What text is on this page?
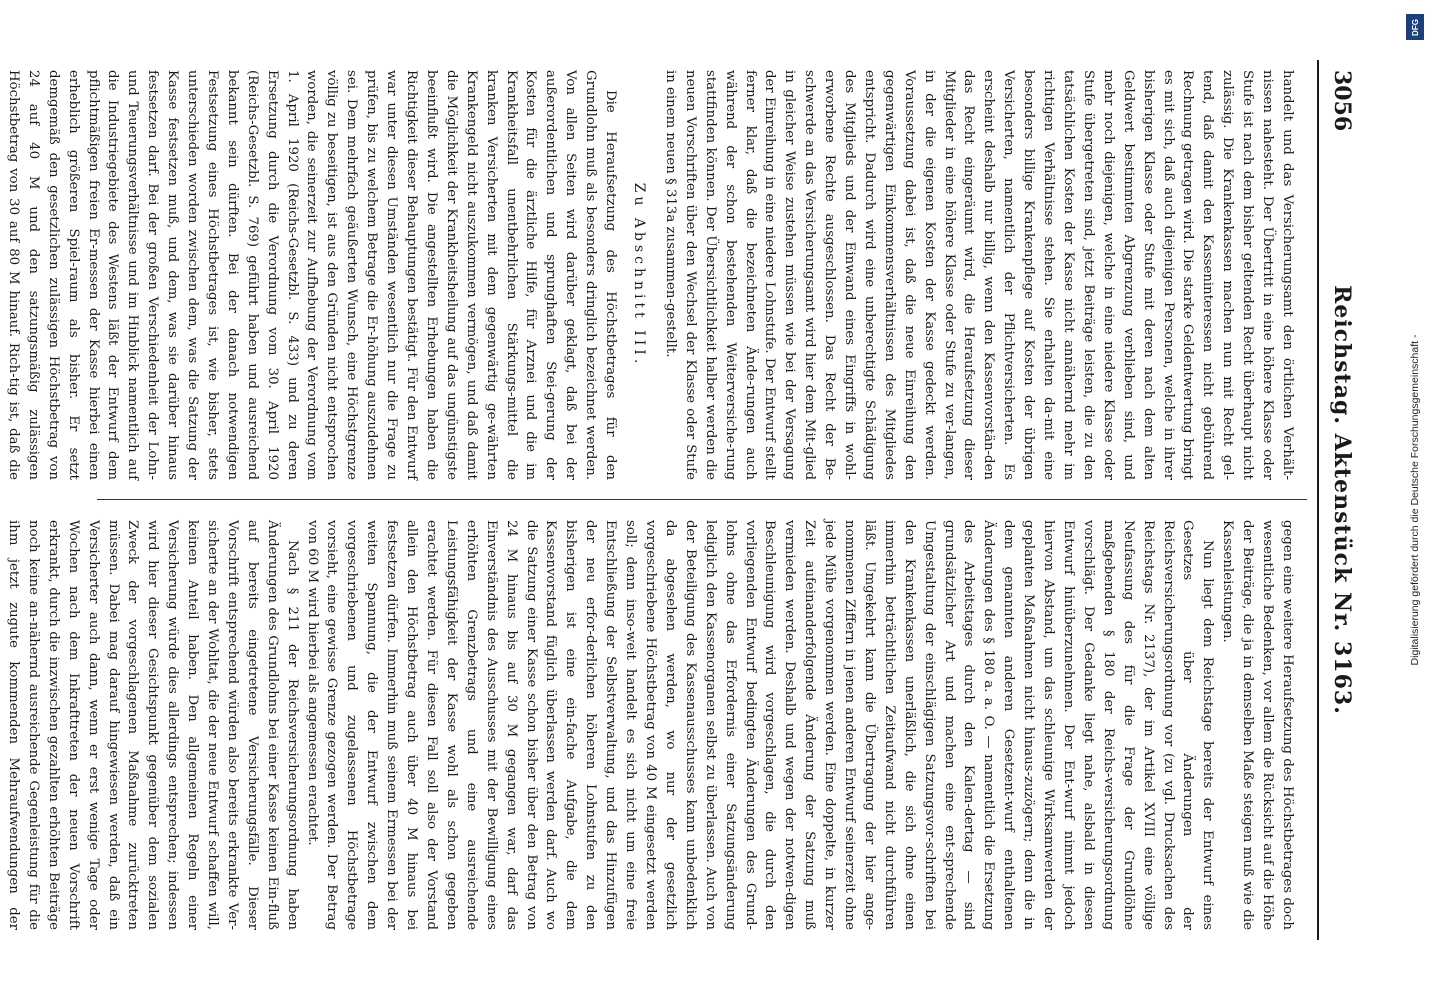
3056
Reichstag. Aktenstück Nr. 3163.

handelt und das Versicherungsamt den örtlichen Verhält-nissen nahesteht. Der Übertritt in eine höhere Klasse oder Stufe ist nach dem bisher geltenden Recht überhaupt nicht zulässig. Die Krankenkassen machen nun mit Recht gel-tend, daß damit den Kasseninteressen nicht gebührend Rechnung getragen wird. Die starke Geldentwertung bringt es mit sich, daß auch diejenigen Personen, welche in ihrer bisherigen Klasse oder Stufe mit deren nach dem alten Geldwert bestimmten Abgrenzung verblieben sind, und mehr noch diejenigen, welche in eine niedere Klasse oder Stufe übergetreten sind, jetzt Beiträge leisten, die zu den tatsächlichen Kosten der Kasse nicht annähernd mehr im richtigen Verhältnisse stehen. Sie erhalten da-mit eine besonders billige Krankenpflege auf Kosten der übrigen Versicherten, namentlich der Pflichtversicherten. Es erscheint deshalb nur billig, wenn den Kassenvorstän-den das Recht eingeräumt wird, die Heraufsetzung dieser Mitglieder in eine höhere Klasse oder Stufe zu ver-langen, in der die eigenen Kosten der Kasse gedeckt werden. Voraussetzung dabei ist, daß die neue Einreihung den gegenwärtigen Einkommensverhältnissen des Mitgliedes entspricht. Dadurch wird eine unberechtigte Schädigung des Mitglieds und der Einwand eines Eingriffs in wohl-erworbene Rechte ausgeschlossen. Das Recht der Be-schwerde an das Versicherungsamt wird hier dem Mit-glied in gleicher Weise zustehen müssen wie bei der Versagung der Einreihung in eine niedere Lohnstufe. Der Entwurf stellt ferner klar, daß die bezeichneten Ände-rungen auch während der schon bestehenden Weiterversiche-rung stattfinden können. Der Übersichtlichkeit halber werden die neuen Vorschriften über den Wechsel der Klasse oder Stufe in einem neuen § 313a zusammen-gestellt.

Zu Abschnitt III.

Die Heraufsetzung des Höchstbetrages für den Grundlohn muß als besonders dringlich bezeichnet werden. Von allen Seiten wird darüber geklagt, daß bei der außerordentlichen und sprunghaften Stei-gerung der Kosten für die ärztliche Hilfe, für Arznei und die im Krankheitsfall unentbehrlichen Stärkungs-mittel die kranken Versicherten mit dem gegenwärtig ge-währten Krankengeld nicht auszukommen vermögen, und daß damit die Möglichkeit der Krankheitsheilung auf das ungünstigste beeinflußt wird. Die angestellten Erhebungen haben die Richtigkeit dieser Behauptungen bestätigt. Für den Entwurf war unter diesen Umständen wesentlich nur die Frage zu prüfen, bis zu welchem Betrage die Er-höhung auszudehnen sei. Dem mehrfach geäußerten Wunsch, eine Höchstgrenze völlig zu beseitigen, ist aus den Gründen nicht entsprochen worden, die seinerzeit zur Aufhebung der Verordnung vom 1. April 1920 (Reichs-Gesetzbl. S. 433) und zu deren Ersetzung durch die Verordnung vom 30. April 1920 (Reichs-Gesetzbl. S. 769) geführt haben und ausreichend bekannt sein dürften. Bei der danach notwendigen Festsetzung eines Höchstbetrages ist, wie bisher, stets unterschieden worden zwischen dem, was die Satzung der Kasse festsetzen muß, und dem, was sie darüber hinaus festsetzen darf. Bei der großen Verschiedenheit der Lohn- und Teuerungsverhältnisse und im Hinblick namentlich auf die Industriegebiete des Westens läßt der Entwurf dem pflichtmäßigen freien Er-messen der Kasse hierbei einen erheblich größeren Spiel-raum als bisher. Er setzt demgemäß den gesetzlichen zulässigen Höchstbetrag von 24 auf 40 M und den satzungsmäßig zulässigen Höchstbetrag von 30 auf 80 M hinauf. Rich-tig ist, daß die

gegen eine weitere Heraufsetzung des Höchstbetrages doch wesentliche Bedenken, vor allem die Rücksicht auf die Höhe der Beiträge, die ja in demselben Maße steigen muß wie die Kassenleistungen.

Nun liegt dem Reichstage bereits der Entwurf eines Gesetzes über Änderungen der Reichsversicherungsordnung vor (zu vgl. Drucksachen des Reichstags Nr. 2137), der im Artikel XVIII eine völlige Neufassung des für die Frage der Grundlöhne maßgebenden § 180 der Reichs-versicherungsordnung vorschlägt. Der Gedanke liegt nahe, alsbald in diesen Entwurf hinüberzunehmen. Der Ent-wurf nimmt jedoch hiervon Abstand, um das schleunige Wirksamwerden der geplanten Maßnahmen nicht hinaus-zuzögern; denn die in dem genannten anderen Gesetzent-wurf enthaltenen Änderungen des § 180 a. a. O. — namentlich die Ersetzung des Arbeitstages durch den Kalen-dertag — sind grundsätzlicher Art und machen eine ent-sprechende Umgestaltung der einschlägigen Satzungsvor-schriften bei den Krankenkassen unerläßlich, die sich ohne einen immerhin beträchtlichen Zeitaufwand nicht durchführen läßt. Umgekehrt kann die Übertragung der hier ange-nommenen Ziffern in jenen anderen Entwurf seinerzeit ohne jede Mühe vorgenommen werden. Eine doppelte, in kurzer Zeit aufeinanderfolgende Änderung der Satzung muß vermieden werden. Deshalb und wegen der notwen-digen Beschleunigung wird vorgeschlagen, die durch den vorliegenden Entwurf bedingten Änderungen des Grund-lohns ohne das Erfordernis einer Satzungsänderung lediglich den Kassenorganen selbst zu überlassen. Auch von der Beteiligung des Kassenausschusses kann unbedenklich da abgesehen werden, wo nur der gesetzlich vorgeschriebene Höchstbetrag von 40 M eingesetzt werden soll; denn inso-weit handelt es sich nicht um eine freie Entschließung der Selbstverwaltung, und das Hinzufügen der neu erfor-derlichen höheren Lohnstufen zu den bisherigen ist eine ein-fache Aufgabe, die dem Kassenvorstand füglich überlassen werden darf. Auch wo die Satzung einer Kasse schon bisher über den Betrag von 24 M hinaus bis auf 30 M gegangen war, darf das Einverständnis des Ausschusses mit der Bewilligung eines erhöhten Grenzbetrags und eine ausreichende Leistungsfähigkeit der Kasse wohl als schon gegeben erachtet werden. Für diesen Fall soll also der Vorstand allein den Höchstbetrag auch über 40 M hinaus bei festsetzen dürfen. Immerhin muß seinem Ermessen bei der weiten Spannung, die der Entwurf zwischen dem vorgeschriebenen und zugelassenen Höchstbetrage vorsieht, eine gewisse Grenze gezogen werden. Der Betrag von 60 M wird hierbei als angemessen erachtet.

Nach § 211 der Reichsversicherungsordnung haben Änderungen des Grundlohns bei einer Kasse keinen Ein-fluß auf bereits eingetretene Versicherungsfälle. Dieser Vorschrift entsprechend würden also bereits erkrankte Ver-sicherte an der Wohltat, die der neue Entwurf schaffen will, keinen Anteil haben. Den allgemeinen Regeln einer Versicherung würde dies allerdings entsprechen; indessen wird hier dieser Gesichtspunkt gegenüber dem sozialen Zweck der vorgeschlagenen Maßnahme zurücktreten müssen. Dabei mag darauf hingewiesen werden, daß ein Versicherter auch dann, wenn er erst wenige Tage oder Wochen nach dem Inkrafttreten der neuen Vorschrift erkrankt, durch die inzwischen gezahlten erhöhten Beiträge noch keine an-nähernd ausreichende Gegenleistung für die ihm jetzt zugute kommenden Mehraufwendungen der

DFG
Digitalisierung gefördert durch die Deutsche Forschungsgemeinschaft -
